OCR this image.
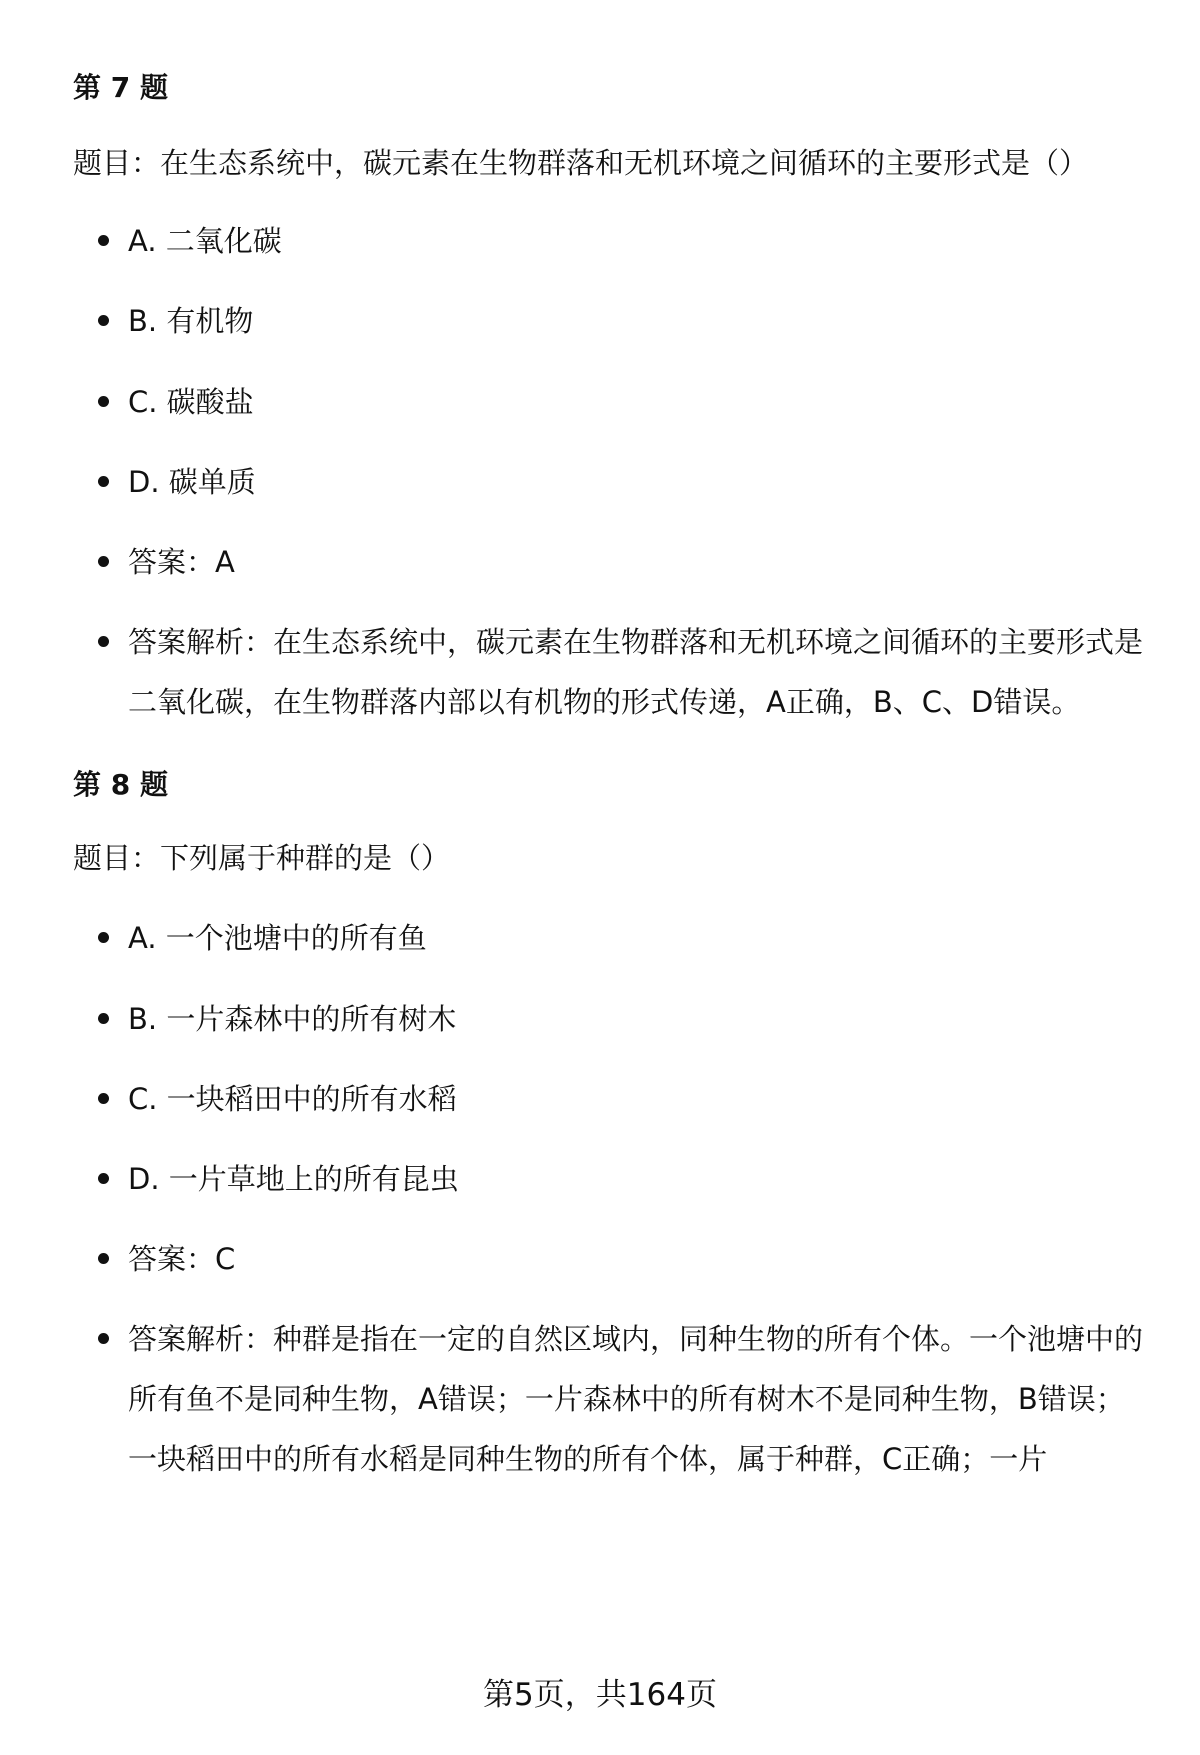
第 7 题

题目：在生态系统中，碳元素在生物群落和无机环境之间循环的主要形式是（）

A. 二氧化碳
B. 有机物
C. 碳酸盐
D. 碳单质
答案：A
答案解析：在生态系统中，碳元素在生物群落和无机环境之间循环的主要形式是二氧化碳，在生物群落内部以有机物的形式传递，A正确，B、C、D错误。
第 8 题

题目：下列属于种群的是（）

A. 一个池塘中的所有鱼
B. 一片森林中的所有树木
C. 一块稻田中的所有水稻
D. 一片草地上的所有昆虫
答案：C
答案解析：种群是指在一定的自然区域内，同种生物的所有个体。一个池塘中的所有鱼不是同种生物，A错误；一片森林中的所有树木不是同种生物，B错误；一块稻田中的所有水稻是同种生物的所有个体，属于种群，C正确；一片
第5页，共164页
